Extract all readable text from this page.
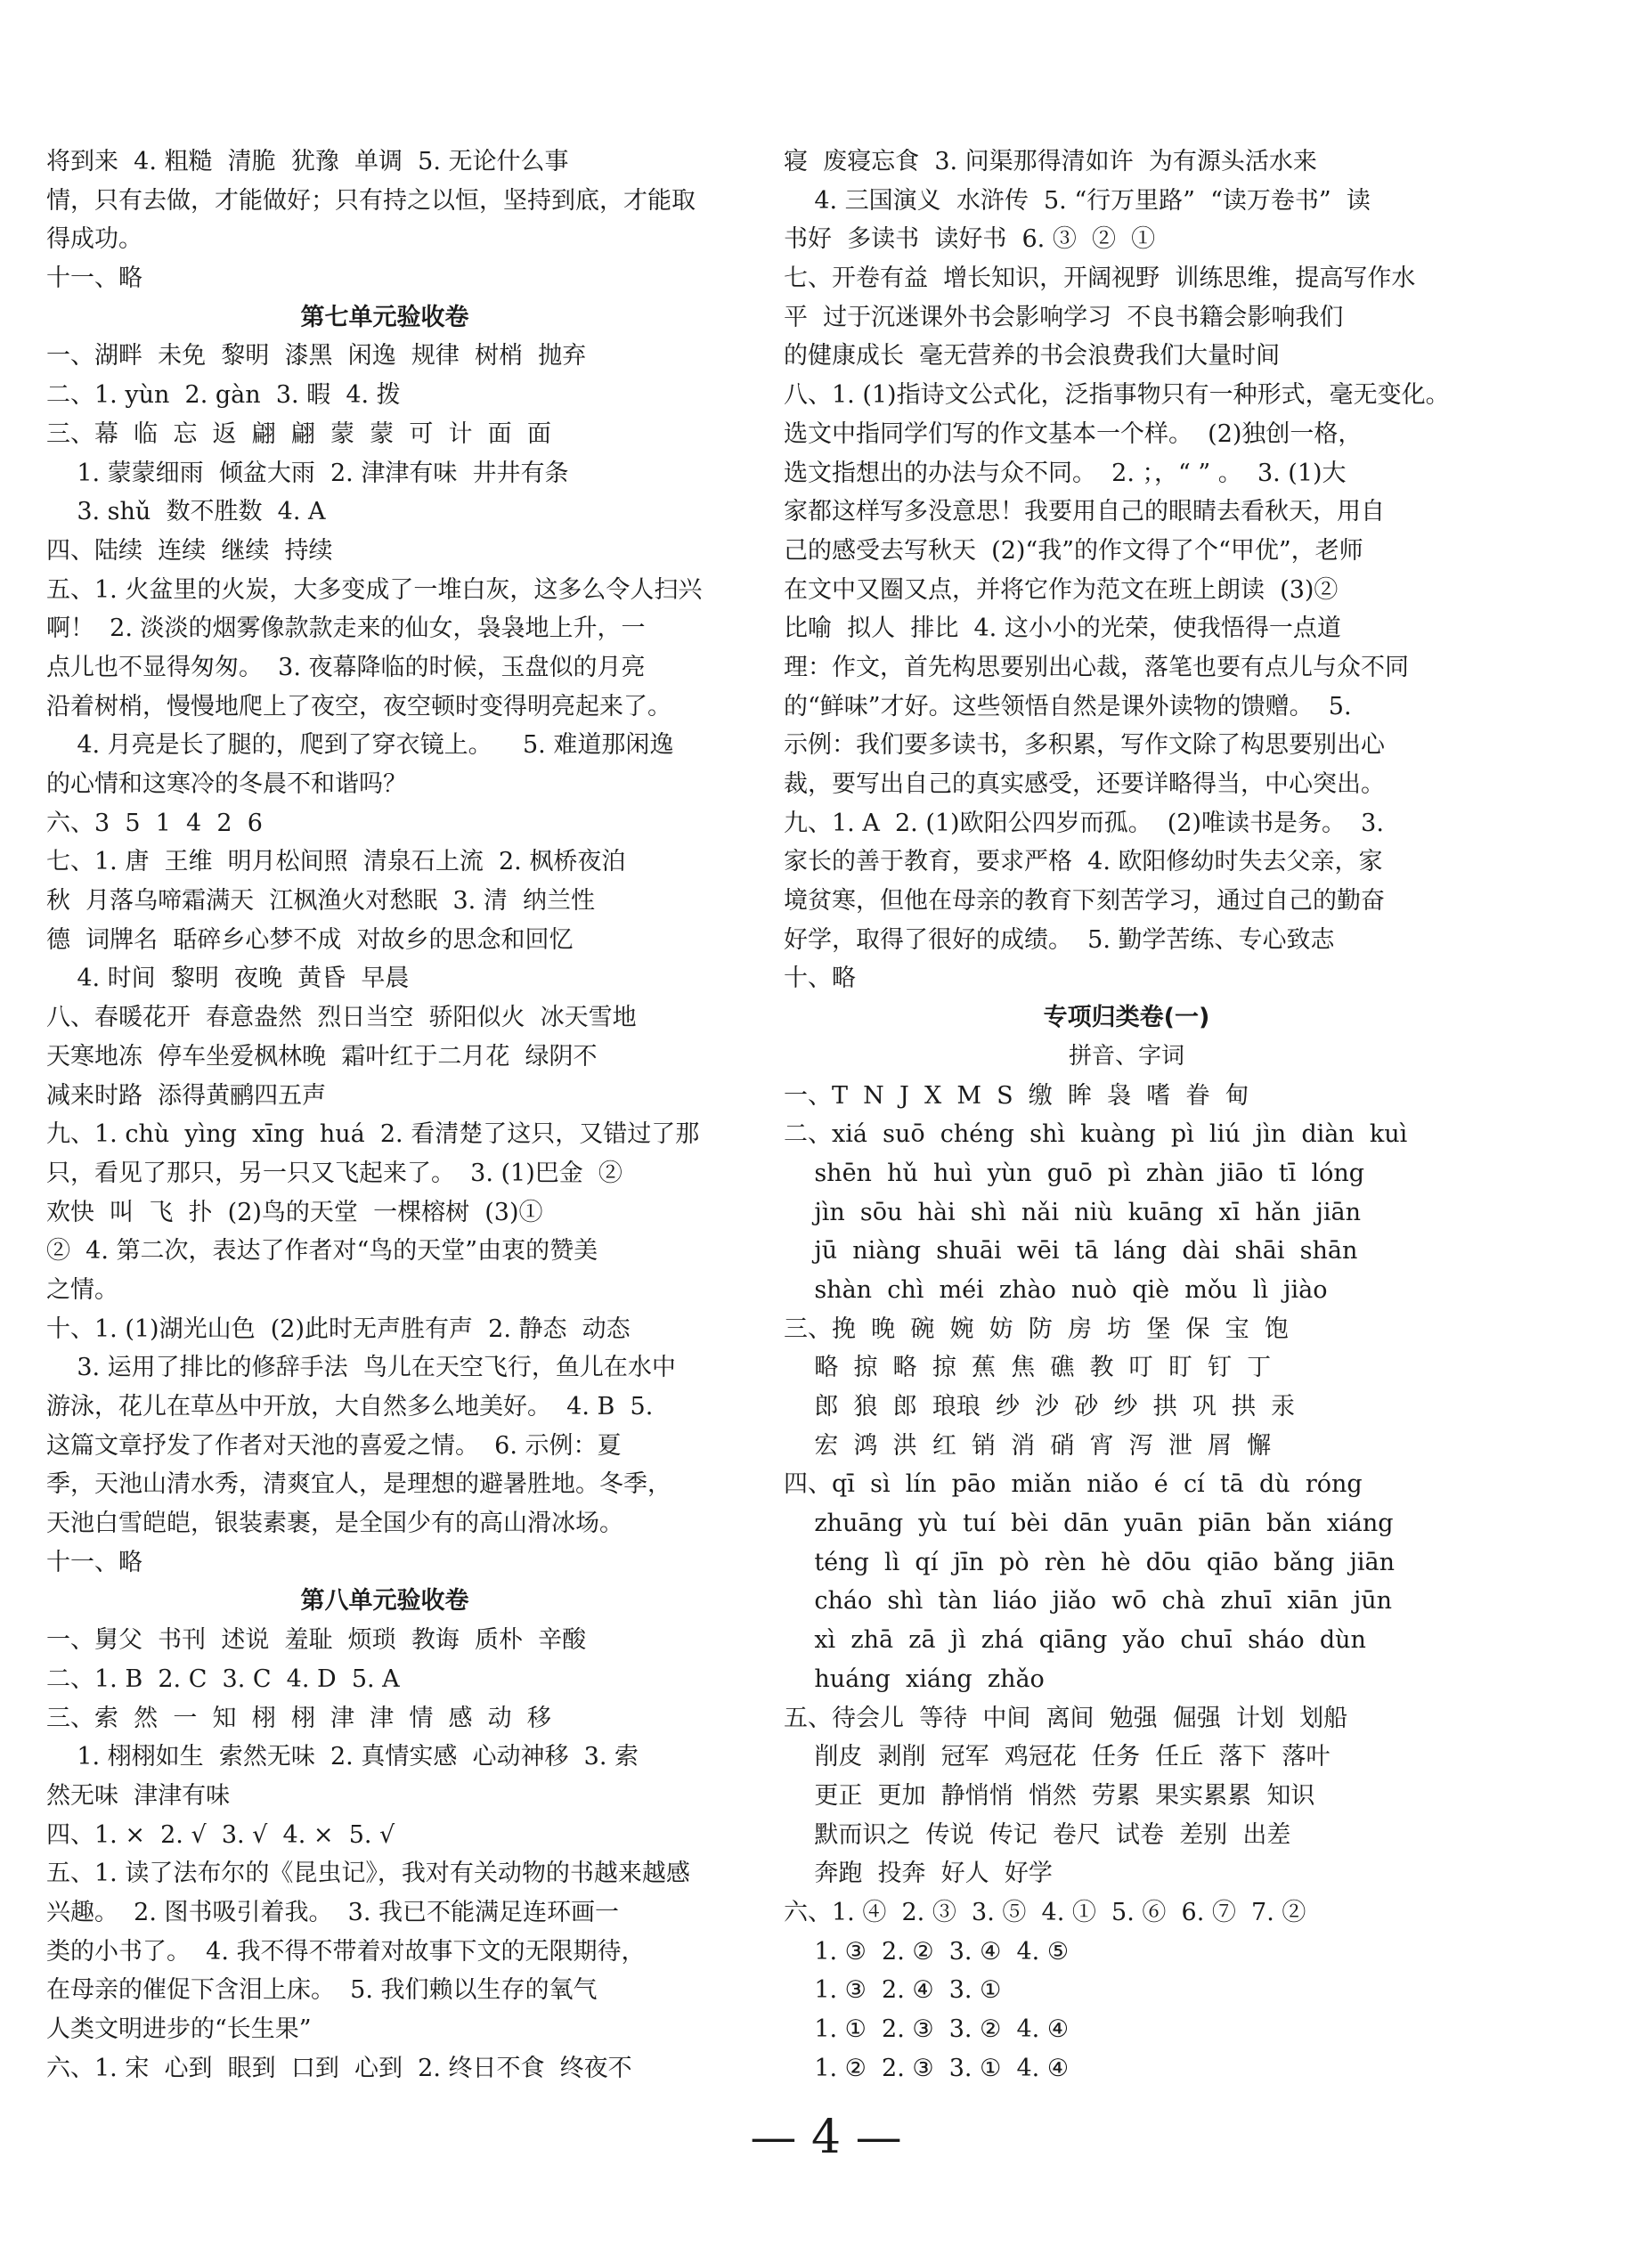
将到来  4. 粗糙  清脆  犹豫  单调  5. 无论什么事
情，只有去做，才能做好；只有持之以恒，坚持到底，才能取
得成功。
十一、略
第七单元验收卷
一、湖畔  未免  黎明  漆黑  闲逸  规律  树梢  抛弃
二、1. yùn  2. gàn  3. 暇  4. 拨
三、幕  临  忘  返  翩  翩  蒙  蒙  可  计  面  面
1. 蒙蒙细雨  倾盆大雨  2. 津津有味  井井有条
3. shǔ  数不胜数  4. A
四、陆续  连续  继续  持续
五、1. 火盆里的火炭，大多变成了一堆白灰，这多么令人扫兴
啊！  2. 淡淡的烟雾像款款走来的仙女，袅袅地上升，一
点儿也不显得匆匆。  3. 夜幕降临的时候，玉盘似的月亮
沿着树梢，慢慢地爬上了夜空，夜空顿时变得明亮起来了。
4. 月亮是长了腿的，爬到了穿衣镜上。    5. 难道那闲逸
的心情和这寒冷的冬晨不和谐吗？
六、3  5  1  4  2  6
七、1. 唐  王维  明月松间照  清泉石上流  2. 枫桥夜泊
秋  月落乌啼霜满天  江枫渔火对愁眠  3. 清  纳兰性
德  词牌名  聒碎乡心梦不成  对故乡的思念和回忆
4. 时间  黎明  夜晚  黄昏  早晨
八、春暖花开  春意盎然  烈日当空  骄阳似火  冰天雪地
天寒地冻  停车坐爱枫林晚  霜叶红于二月花  绿阴不
减来时路  添得黄鹂四五声
九、1. chù  yìng  xīng  huá  2. 看清楚了这只，又错过了那
只，看见了那只，另一只又飞起来了。  3. (1)巴金  ②
欢快  叫  飞  扑  (2)鸟的天堂  一棵榕树  (3)①
②  4. 第二次，表达了作者对“鸟的天堂”由衷的赞美
之情。
十、1. (1)湖光山色  (2)此时无声胜有声  2. 静态  动态
3. 运用了排比的修辞手法  鸟儿在天空飞行，鱼儿在水中
游泳，花儿在草丛中开放，大自然多么地美好。  4. B  5.
这篇文章抒发了作者对天池的喜爱之情。  6. 示例：夏
季，天池山清水秀，清爽宜人，是理想的避暑胜地。冬季，
天池白雪皑皑，银装素裹，是全国少有的高山滑冰场。
十一、略
第八单元验收卷
一、舅父  书刊  述说  羞耻  烦琐  教诲  质朴  辛酸
二、1. B  2. C  3. C  4. D  5. A
三、索  然  一  知  栩  栩  津  津  情  感  动  移
1. 栩栩如生  索然无味  2. 真情实感  心动神移  3. 索
然无味  津津有味
四、1. ×  2. √  3. √  4. ×  5. √
五、1. 读了法布尔的《昆虫记》，我对有关动物的书越来越感
兴趣。  2. 图书吸引着我。  3. 我已不能满足连环画一
类的小书了。  4. 我不得不带着对故事下文的无限期待，
在母亲的催促下含泪上床。  5. 我们赖以生存的氧气
人类文明进步的“长生果”
六、1. 宋  心到  眼到  口到  心到  2. 终日不食  终夜不
寝  废寝忘食  3. 问渠那得清如许  为有源头活水来
4. 三国演义  水浒传  5. “行万里路”  “读万卷书”  读
书好  多读书  读好书  6. ③  ②  ①
七、开卷有益  增长知识，开阔视野  训练思维，提高写作水
平  过于沉迷课外书会影响学习  不良书籍会影响我们
的健康成长  毫无营养的书会浪费我们大量时间
八、1. (1)指诗文公式化，泛指事物只有一种形式，毫无变化。
选文中指同学们写的作文基本一个样。  (2)独创一格，
选文指想出的办法与众不同。  2. ；，“ ” 。  3. (1)大
家都这样写多没意思！我要用自己的眼睛去看秋天，用自
己的感受去写秋天  (2)“我”的作文得了个“甲优”，老师
在文中又圈又点，并将它作为范文在班上朗读  (3)②
比喻  拟人  排比  4. 这小小的光荣，使我悟得一点道
理：作文，首先构思要别出心裁，落笔也要有点儿与众不同
的“鲜味”才好。这些领悟自然是课外读物的馈赠。  5.
示例：我们要多读书，多积累，写作文除了构思要别出心
裁，要写出自己的真实感受，还要详略得当，中心突出。
九、1. A  2. (1)欧阳公四岁而孤。  (2)唯读书是务。  3.
家长的善于教育，要求严格  4. 欧阳修幼时失去父亲，家
境贫寒，但他在母亲的教育下刻苦学习，通过自己的勤奋
好学，取得了很好的成绩。  5. 勤学苦练、专心致志
十、略
专项归类卷(一)
拼音、字词
一、T  N  J  X  M  S  缴  眸  袅  嗜  眷  甸
二、xiá  suō  chéng  shì  kuàng  pì  liú  jìn  diàn  kuì
shēn  hǔ  huì  yùn  guō  pì  zhàn  jiāo  tī  lóng
jìn  sōu  hài  shì  nǎi  niù  kuāng  xī  hǎn  jiān
jū  niàng  shuāi  wēi  tā  láng  dài  shāi  shān
shàn  chì  méi  zhào  nuò  qiè  mǒu  lì  jiào
三、挽  晚  碗  婉  妨  防  房  坊  堡  保  宝  饱
略  掠  略  掠  蕉  焦  礁  教  叮  盯  钉  丁
郎  狼  郎  琅琅  纱  沙  砂  纱  拱  巩  拱  汞
宏  鸿  洪  红  销  消  硝  宵  泻  泄  屑  懈
四、qī  sì  lín  pāo  miǎn  niǎo  é  cí  tā  dù  róng
zhuāng  yù  tuí  bèi  dān  yuān  piān  bǎn  xiáng
téng  lì  qí  jīn  pò  rèn  hè  dōu  qiāo  bǎng  jiān
cháo  shì  tàn  liáo  jiǎo  wō  chà  zhuī  xiān  jūn
xì  zhā  zā  jì  zhá  qiāng  yǎo  chuī  sháo  dùn
huáng  xiáng  zhǎo
五、待会儿  等待  中间  离间  勉强  倔强  计划  划船
削皮  剥削  冠军  鸡冠花  任务  任丘  落下  落叶
更正  更加  静悄悄  悄然  劳累  果实累累  知识
默而识之  传说  传记  卷尺  试卷  差别  出差
奔跑  投奔  好人  好学
六、1. ④  2. ③  3. ⑤  4. ①  5. ⑥  6. ⑦  7. ②
1. ③  2. ②  3. ④  4. ⑤
1. ③  2. ④  3. ①
1. ①  2. ③  3. ②  4. ④
1. ②  2. ③  3. ①  4. ④
— 4 —
